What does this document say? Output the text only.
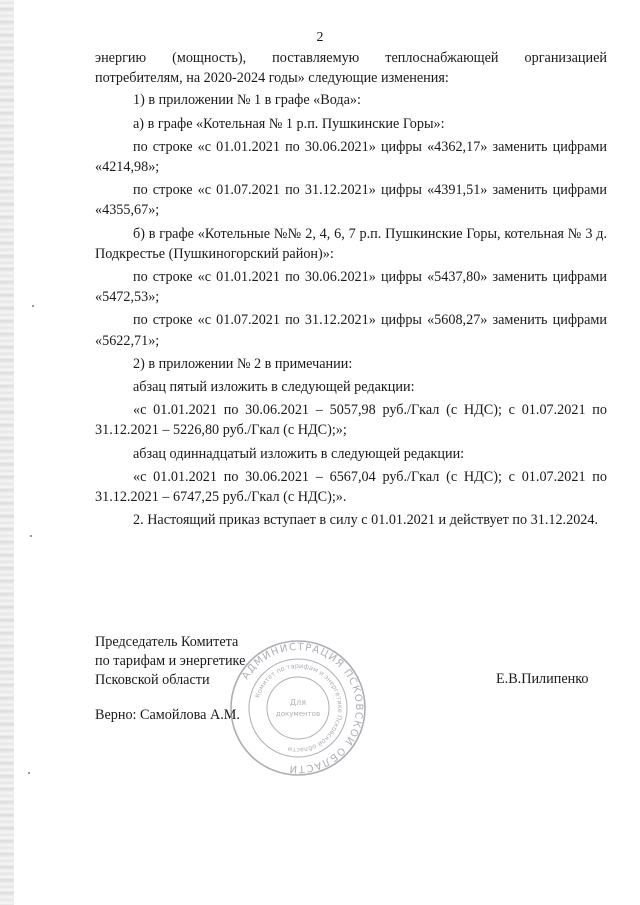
2

энергию (мощность), поставляемую теплоснабжающей организацией потребителям, на 2020-2024 годы» следующие изменения:

1) в приложении № 1 в графе «Вода»:

а) в графе «Котельная № 1 р.п. Пушкинские Горы»:

по строке «с 01.01.2021 по 30.06.2021» цифры «4362,17» заменить цифрами «4214,98»;

по строке «с 01.07.2021 по 31.12.2021» цифры «4391,51» заменить цифрами «4355,67»;

б) в графе «Котельные №№ 2, 4, 6, 7 р.п. Пушкинские Горы, котельная № 3 д. Подкрестье (Пушкиногорский район)»:

по строке «с 01.01.2021 по 30.06.2021» цифры «5437,80» заменить цифрами «5472,53»;

по строке «с 01.07.2021 по 31.12.2021» цифры «5608,27» заменить цифрами «5622,71»;

2) в приложении № 2 в примечании:

абзац пятый изложить в следующей редакции:

«с 01.01.2021 по 30.06.2021 – 5057,98 руб./Гкал (с НДС); с 01.07.2021 по 31.12.2021 – 5226,80 руб./Гкал (с НДС);»;

абзац одиннадцатый изложить в следующей редакции:

«с 01.01.2021 по 30.06.2021 – 6567,04 руб./Гкал (с НДС); с 01.07.2021 по 31.12.2021 – 6747,25 руб./Гкал (с НДС);».

2. Настоящий приказ вступает в силу с 01.01.2021 и действует по 31.12.2024.

Председатель Комитета
по тарифам и энергетике
Псковской области	Е.В.Пилипенко
Верно: Самойлова А.М.
АДМИНИСТРАЦИЯ ПСКОВСКОЙ ОБЛАСТИ
Комитет по тарифам и энергетике Псковской области
Для
документов
